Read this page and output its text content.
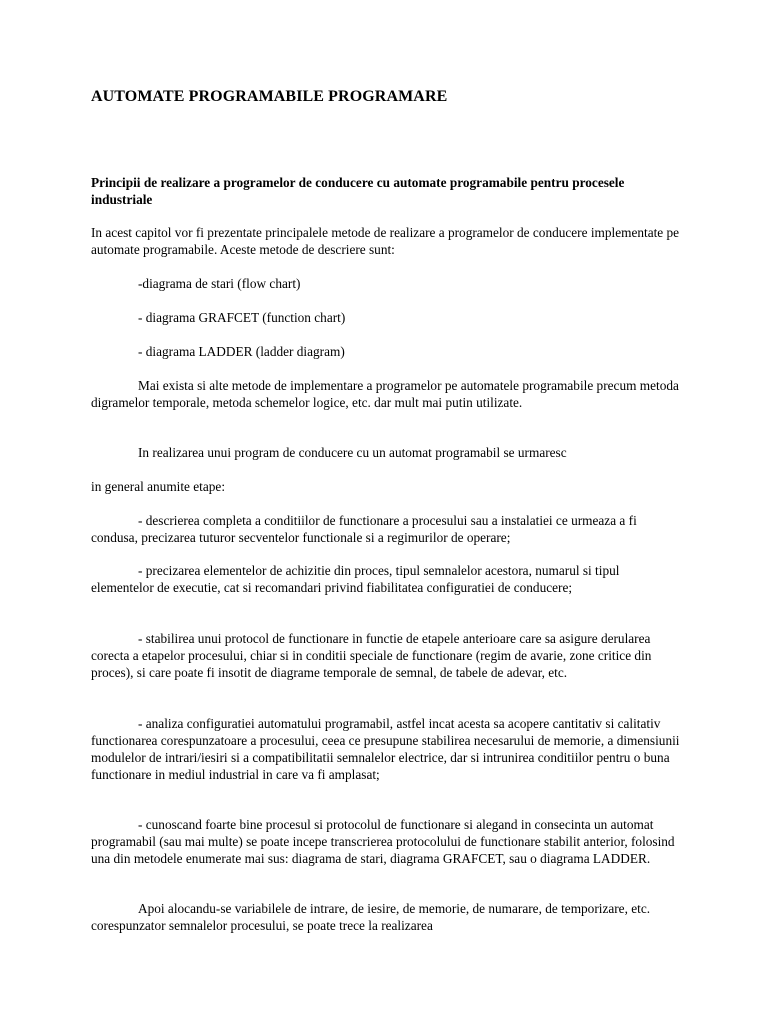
AUTOMATE PROGRAMABILE PROGRAMARE

Principii de realizare a programelor de conducere cu automate programabile pentru procesele industriale

In acest capitol vor fi prezentate principalele metode de realizare a programelor de conducere implementate pe automate programabile. Aceste metode de descriere sunt:

-diagrama de stari (flow chart)

- diagrama GRAFCET (function chart)

- diagrama LADDER (ladder diagram)

Mai exista si alte metode de implementare a programelor pe automatele programabile precum metoda digramelor temporale, metoda schemelor logice, etc. dar mult mai putin utilizate.

In realizarea unui program de conducere cu un automat programabil se urmaresc

in general anumite etape:

- descrierea completa a conditiilor de functionare a procesului sau a instalatiei ce urmeaza a fi condusa, precizarea tuturor secventelor functionale si a regimurilor de operare;

- precizarea elementelor de achizitie din proces, tipul semnalelor acestora, numarul si tipul elementelor de executie, cat si recomandari privind fiabilitatea configuratiei de conducere;

- stabilirea unui protocol de functionare in functie de etapele anterioare care sa asigure derularea corecta a etapelor procesului, chiar si in conditii speciale de functionare (regim de avarie, zone critice din proces), si care poate fi insotit de diagrame temporale de semnal, de tabele de adevar, etc.

- analiza configuratiei automatului programabil, astfel incat acesta sa acopere cantitativ si calitativ functionarea corespunzatoare a procesului, ceea ce presupune stabilirea necesarului de memorie, a dimensiunii modulelor de intrari/iesiri si a compatibilitatii semnalelor electrice, dar si intrunirea conditiilor pentru o buna functionare in mediul industrial in care va fi amplasat;

- cunoscand foarte bine procesul si protocolul de functionare si alegand in consecinta un automat programabil (sau mai multe) se poate incepe transcrierea protocolului de functionare stabilit anterior, folosind una din metodele enumerate mai sus: diagrama de stari, diagrama GRAFCET, sau o diagrama LADDER.

Apoi alocandu-se variabilele de intrare, de iesire, de memorie, de numarare, de temporizare, etc. corespunzator semnalelor procesului, se poate trece la realizarea
